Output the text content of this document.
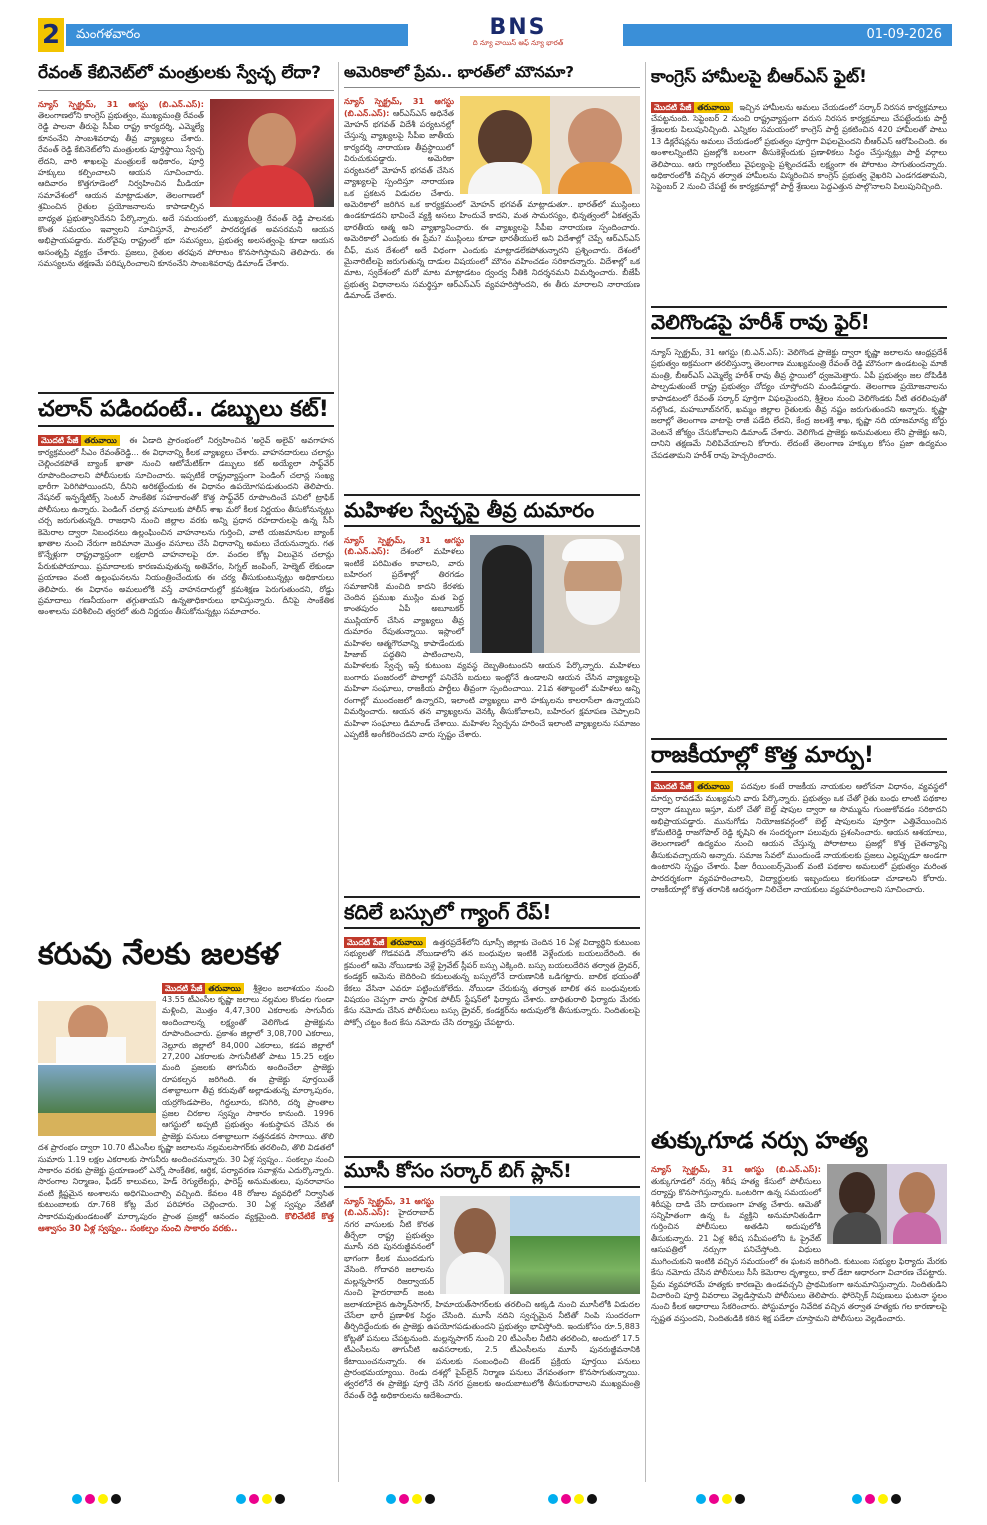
2	మంగళవారం	BNS
ది న్యూ వాయిస్ ఆఫ్ న్యూ భారత్
01-09-2026
రేవంత్ కేబినెట్‌లో మంత్రులకు స్వేచ్ఛ లేదా?
న్యూస్ స్పెక్ట్రమ్, 31 ఆగస్టు (బి.ఎన్.ఎస్): తెలంగాణలోని కాంగ్రెస్ ప్రభుత్వం, ముఖ్యమంత్రి రేవంత్ రెడ్డి పాలనా తీరుపై సీపీఐ రాష్ట్ర కార్యదర్శి, ఎమ్మెల్యే కూనంనేని సాంబశివరావు తీవ్ర వ్యాఖ్యలు చేశారు. రేవంత్ రెడ్డి కేబినెట్‌లోని మంత్రులకు పూర్తిస్థాయి స్వేచ్ఛ లేదని, వారి శాఖలపై మంత్రులకే అధికారం, పూర్తి హక్కులు కల్పించాలని ఆయన సూచించారు. ఆదివారం కొత్తగూడెంలో నిర్వహించిన మీడియా సమావేశంలో ఆయన మాట్లాడుతూ, తెలంగాణలో శ్రమించిన రైతుల ప్రయోజనాలను కాపాడాల్సిన బాధ్యత ప్రభుత్వానిదేనని పేర్కొన్నారు. అదే సమయంలో, ముఖ్యమంత్రి రేవంత్ రెడ్డి పాలనకు కొంత సమయం ఇవ్వాలని సూచిస్తూనే, పాలనలో పారదర్శకత అవసరమని ఆయన అభిప్రాయపడ్డారు. మరోవైపు రాష్ట్రంలో భూ సమస్యలు, ప్రభుత్వ అలసత్వంపై కూడా ఆయన అసంతృప్తి వ్యక్తం చేశారు. ప్రజలు, రైతుల తరఫున పోరాటం కొనసాగిస్తామని తెలిపారు. ఈ సమస్యలను తక్షణమే పరిష్కరించాలని కూనంనేని సాంబశివరావు డిమాండ్ చేశారు.
చలాన్ పడిందంటే.. డబ్బులు కట్!
మొదటి పేజీ తరువాయి ఈ ఏడాది ప్రారంభంలో నిర్వహించిన 'అరైవ్ అలైవ్' అవగాహన కార్యక్రమంలో సీఎం రేవంత్‌రెడ్డి... ఈ విధానాన్ని కీలక వ్యాఖ్యలు చేశారు. వాహనదారులు చలాన్లు చెల్లించకపోతే బ్యాంక్ ఖాతా నుంచి ఆటోమేటిక్‌గా డబ్బులు కట్ అయ్యేలా సాఫ్ట్‌వేర్ రూపొందించాలని పోలీసులకు సూచించారు. ఇప్పటికే రాష్ట్రవ్యాప్తంగా పెండింగ్ చలాన్ల సంఖ్య భారీగా పెరిగిపోయిందని, దీనిని అరికట్టేందుకు ఈ విధానం ఉపయోగపడుతుందని తెలిపారు. నేషనల్ ఇన్ఫర్మేటిక్స్ సెంటర్ సాంకేతిక సహకారంతో కొత్త సాఫ్ట్‌వేర్ రూపొందించే పనిలో ట్రాఫిక్ పోలీసులు ఉన్నారు. పెండింగ్ చలాన్ల వసూలుకు పోలీస్ శాఖ మరో కీలక నిర్ణయం తీసుకోనున్నట్లు చర్చ జరుగుతున్నది. రాజధాని నుంచి జిల్లాల వరకు అన్ని ప్రధాన రహదారులపై ఉన్న సీసీ కెమెరాల ద్వారా నిబంధనలు ఉల్లంఘించిన వాహనాలను గుర్తించి, వాటి యజమానుల బ్యాంక్ ఖాతాల నుంచి నేరుగా జరిమానా మొత్తం వసూలు చేసే విధానాన్ని అమలు చేయనున్నారు. గత కొన్నేళ్లుగా రాష్ట్రవ్యాప్తంగా లక్షలాది వాహనాలపై రూ. వందల కోట్ల విలువైన చలాన్లు పేరుకుపోయాయి. ప్రమాదాలకు కారణమవుతున్న అతివేగం, సిగ్నల్ జంపింగ్, హెల్మెట్ లేకుండా ప్రయాణం వంటి ఉల్లంఘనలను నియంత్రించేందుకు ఈ చర్య తీసుకుంటున్నట్లు అధికారులు తెలిపారు. ఈ విధానం అమలులోకి వస్తే వాహనదారుల్లో క్రమశిక్షణ పెరుగుతుందని, రోడ్డు ప్రమాదాలు గణనీయంగా తగ్గుతాయని ఉన్నతాధికారులు భావిస్తున్నారు. దీనిపై సాంకేతిక అంశాలను పరిశీలించి త్వరలో తుది నిర్ణయం తీసుకోనున్నట్లు సమాచారం.
కరువు నేలకు జలకళ
మొదటి పేజీ తరువాయి శ్రీశైలం జలాశయం నుంచి 43.55 టీఎంసీల కృష్ణా జలాలు నల్లమల కొండల గుండా మళ్లించి, మొత్తం 4,47,300 ఎకరాలకు సాగునీరు అందించాలన్న లక్ష్యంతో వెలిగొండ ప్రాజెక్టును రూపొందించారు. ప్రకాశం జిల్లాలో 3,08,700 ఎకరాలు, నెల్లూరు జిల్లాలో 84,000 ఎకరాలు, కడప జిల్లాలో 27,200 ఎకరాలకు సాగునీటితో పాటు 15.25 లక్షల మంది ప్రజలకు తాగునీరు అందించేలా ప్రాజెక్టు రూపకల్పన జరిగింది. ఈ ప్రాజెక్టు పూర్తయితే దశాబ్దాలుగా తీవ్ర కరువుతో అల్లాడుతున్న మార్కాపురం, యర్రగొండపాలెం, గిద్దలూరు, కనిగిరి, దర్శి ప్రాంతాల ప్రజల చిరకాల స్వప్నం సాకారం కానుంది. 1996 ఆగస్టులో అప్పటి ప్రభుత్వం శంకుస్థాపన చేసిన ఈ ప్రాజెక్టు పనులు దశాబ్దాలుగా నత్తనడకన సాగాయి. తొలి దశ ప్రారంభం ద్వారా 10.70 టీఎంసీల కృష్ణా జలాలను నల్లమలసాగర్‌కు తరలించి, తొలి విడతలో సుమారు 1.19 లక్షల ఎకరాలకు సాగునీరు అందించనున్నారు. 30 ఏళ్ల స్వప్నం.. సంకల్పం నుంచి సాకారం వరకు ప్రాజెక్టు ప్రయాణంలో ఎన్నో సాంకేతిక, ఆర్థిక, పర్యావరణ సవాళ్లను ఎదుర్కొన్నారు. సొరంగాల నిర్మాణం, ఫీడర్ కాలువలు, హెడ్ రెగ్యులేటర్లు, ఫారెస్ట్ అనుమతులు, పునరావాసం వంటి క్లిష్టమైన అంశాలను అధిగమించాల్సి వచ్చింది. కేవలం 48 రోజుల వ్యవధిలో నిర్వాసిత కుటుంబాలకు రూ.768 కోట్ల మేర పరిహారం చెల్లించారు. 30 ఏళ్ల స్వప్నం నేటితో సాకారమవుతుండటంతో మార్కాపురం ప్రాంత ప్రజల్లో ఆనందం వ్యక్తమైంది. కొలిచేటికే కొత్త ఆశ్వాసం 30 ఏళ్ల స్వప్నం.. సంకల్పం నుంచి సాకారం వరకు..
అమెరికాలో ప్రేమ.. భారత్‌లో మౌనమా?
న్యూస్ స్పెక్ట్రమ్, 31 ఆగస్టు (బి.ఎన్.ఎస్): ఆర్ఎస్ఎస్ అధినేత మోహన్ భగవత్ విదేశీ పర్యటనల్లో చేస్తున్న వ్యాఖ్యలపై సీపీఐ జాతీయ కార్యదర్శి నారాయణ తీవ్రస్థాయిలో విరుచుకుపడ్డారు. అమెరికా పర్యటనలో మోహన్ భగవత్ చేసిన వ్యాఖ్యలపై స్పందిస్తూ నారాయణ ఒక ప్రకటన విడుదల చేశారు. అమెరికాలో జరిగిన ఒక కార్యక్రమంలో మోహన్ భగవత్ మాట్లాడుతూ.. భారత్‌లో ముస్లింలు ఉండకూడదని భావించే వ్యక్తి అసలు హిందువే కాదని, మత సామరస్యం, భిన్నత్వంలో ఏకత్వమే భారతీయ ఆత్మ అని వ్యాఖ్యానించారు. ఈ వ్యాఖ్యలపై సీపీఐ నారాయణ స్పందించారు. అమెరికాలో ఎందుకు ఈ ప్రేమ? ముస్లింలు కూడా భారతీయులే అని విదేశాల్లో చెప్పే ఆర్ఎస్ఎస్ చీఫ్, మన దేశంలో అదే విధంగా ఎందుకు మాట్లాడలేకపోతున్నారని ప్రశ్నించారు. దేశంలో మైనారిటీలపై జరుగుతున్న దాడుల విషయంలో మౌనం వహించడం సరికాదన్నారు. విదేశాల్లో ఒక మాట, స్వదేశంలో మరో మాట మాట్లాడటం ద్వంద్వ నీతికి నిదర్శనమని విమర్శించారు. బీజేపీ ప్రభుత్వ విధానాలను సమర్థిస్తూ ఆర్ఎస్ఎస్ వ్యవహరిస్తోందని, ఈ తీరు మారాలని నారాయణ డిమాండ్ చేశారు.
మహిళల స్వేచ్ఛపై తీవ్ర దుమారం
న్యూస్ స్పెక్ట్రమ్, 31 ఆగస్టు (బి.ఎన్.ఎస్): దేశంలో మహిళలు ఇంటికే పరిమితం కావాలని, వారు బహిరంగ ప్రదేశాల్లో తిరగడం సమాజానికి మంచిది కాదని కేరళకు చెందిన ప్రముఖ ముస్లిం మత పెద్ద కాంతపురం ఏపీ అబూబకర్ ముస్లియార్ చేసిన వ్యాఖ్యలు తీవ్ర దుమారం రేపుతున్నాయి. ఇస్లాంలో మహిళల ఆత్మగౌరవాన్ని కాపాడేందుకు హిజాబ్ పద్ధతిని పాటించాలని, మహిళలకు స్వేచ్ఛ ఇస్తే కుటుంబ వ్యవస్థ దెబ్బతింటుందని ఆయన పేర్కొన్నారు. మహిళలు బంగారు పంజరంలో పొలాల్లో పనిచేసే బదులు ఇంట్లోనే ఉండాలని ఆయన చేసిన వ్యాఖ్యలపై మహిళా సంఘాలు, రాజకీయ పార్టీలు తీవ్రంగా స్పందించాయి. 21వ శతాబ్దంలో మహిళలు అన్ని రంగాల్లో ముందంజలో ఉన్నారని, ఇలాంటి వ్యాఖ్యలు వారి హక్కులను కాలరాసేలా ఉన్నాయని విమర్శించారు. ఆయన తన వ్యాఖ్యలను వెనక్కి తీసుకోవాలని, బహిరంగ క్షమాపణ చెప్పాలని మహిళా సంఘాలు డిమాండ్ చేశాయి. మహిళల స్వేచ్ఛను హరించే ఇలాంటి వ్యాఖ్యలను సమాజం ఎప్పటికీ అంగీకరించదని వారు స్పష్టం చేశారు.
కదిలే బస్సులో గ్యాంగ్ రేప్!
మొదటి పేజీ తరువాయి ఉత్తరప్రదేశ్‌లోని ఝాన్సీ జిల్లాకు చెందిన 16 ఏళ్ల విద్యార్థిని కుటుంబ సభ్యులతో గొడవపడి నోయిడాలోని తన బంధువుల ఇంటికి వెళ్లేందుకు బయలుదేరింది. ఈ క్రమంలో ఆమె నోయిడాకు వెళ్లే ప్రైవేట్ స్లీపర్ బస్సు ఎక్కింది. బస్సు బయలుదేరిన తర్వాత డ్రైవర్, కండక్టర్ ఆమెను బెదిరించి కదులుతున్న బస్సులోనే దారుణానికి ఒడిగట్టారు. బాలిక భయంతో కేకలు వేసినా ఎవరూ పట్టించుకోలేదు. నోయిడా చేరుకున్న తర్వాత బాలిక తన బంధువులకు విషయం చెప్పగా వారు స్థానిక పోలీస్ స్టేషన్‌లో ఫిర్యాదు చేశారు. బాధితురాలి ఫిర్యాదు మేరకు కేసు నమోదు చేసిన పోలీసులు బస్సు డ్రైవర్, కండక్టర్‌ను అదుపులోకి తీసుకున్నారు. నిందితులపై పోక్సో చట్టం కింద కేసు నమోదు చేసి దర్యాప్తు చేపట్టారు.
మూసీ కోసం సర్కార్ బిగ్ ప్లాన్!
న్యూస్ స్పెక్ట్రమ్, 31 ఆగస్టు (బి.ఎన్.ఎస్): హైదరాబాద్ నగర వాసులకు నీటి కొరత తీర్చేలా రాష్ట్ర ప్రభుత్వం మూసీ నది పునరుజ్జీవనంలో భాగంగా కీలక ముందడుగు వేసింది. గోదావరి జలాలను మల్లన్నసాగర్ రిజర్వాయర్ నుంచి హైదరాబాద్ జంట జలాశయాలైన ఉస్మాన్‌సాగర్, హిమాయత్‌సాగర్‌లకు తరలించి అక్కడి నుంచి మూసీలోకి విడుదల చేసేలా భారీ ప్రణాళిక సిద్ధం చేసింది. మూసీ నదిని స్వచ్ఛమైన నీటితో నింపి సుందరంగా తీర్చిదిద్దేందుకు ఈ ప్రాజెక్టు ఉపయోగపడుతుందని ప్రభుత్వం భావిస్తోంది. ఇందుకోసం రూ.5,883 కోట్లతో పనులు చేపట్టనుంది. మల్లన్నసాగర్ నుంచి 20 టీఎంసీల నీటిని తరలించి, అందులో 17.5 టీఎంసీలను తాగునీటి అవసరాలకు, 2.5 టీఎంసీలను మూసీ పునరుజ్జీవనానికి కేటాయించనున్నారు. ఈ పనులకు సంబంధించి టెండర్ ప్రక్రియ పూర్తయి పనులు ప్రారంభమయ్యాయి. రెండు దశల్లో పైప్‌లైన్ నిర్మాణ పనులు వేగవంతంగా కొనసాగుతున్నాయి. త్వరలోనే ఈ ప్రాజెక్టు పూర్తి చేసి నగర ప్రజలకు అందుబాటులోకి తీసుకురావాలని ముఖ్యమంత్రి రేవంత్ రెడ్డి అధికారులను ఆదేశించారు.
కాంగ్రెస్ హామీలపై బీఆర్ఎస్ ఫైట్!
మొదటి పేజీ తరువాయి ఇచ్చిన హామీలను అమలు చేయడంలో సర్కార్ నిరసన కార్యక్రమాలు చేపట్టనుంది. సెప్టెంబర్ 2 నుంచి రాష్ట్రవ్యాప్తంగా వరుస నిరసన కార్యక్రమాలు చేపట్టేందుకు పార్టీ శ్రేణులకు పిలుపునిచ్చింది. ఎన్నికల సమయంలో కాంగ్రెస్ పార్టీ ప్రకటించిన 420 హామీలతో పాటు 13 డిక్లరేషన్లను అమలు చేయడంలో ప్రభుత్వం పూర్తిగా విఫలమైందని బీఆర్ఎస్ ఆరోపించింది. ఈ అంశాలన్నింటిని ప్రజల్లోకి బలంగా తీసుకెళ్లేందుకు ప్రణాళికలు సిద్ధం చేస్తున్నట్లు పార్టీ వర్గాలు తెలిపాయి. ఆరు గ్యారంటీలు వైఫల్యంపై ప్రశ్నించడమే లక్ష్యంగా ఈ పోరాటం సాగుతుందన్నారు. అధికారంలోకి వచ్చిన తర్వాత హామీలను విస్మరించిన కాంగ్రెస్ ప్రభుత్వ వైఖరిని ఎండగడతామని, సెప్టెంబర్ 2 నుంచి చేపట్టే ఈ కార్యక్రమాల్లో పార్టీ శ్రేణులు పెద్దఎత్తున పాల్గొనాలని పిలుపునిచ్చింది.
వెలిగొండపై హరీశ్ రావు ఫైర్!
న్యూస్ స్పెక్ట్రమ్, 31 ఆగస్టు (బి.ఎన్.ఎస్): వెలిగొండ ప్రాజెక్టు ద్వారా కృష్ణా జలాలను ఆంధ్రప్రదేశ్ ప్రభుత్వం అక్రమంగా తరలిస్తున్నా తెలంగాణ ముఖ్యమంత్రి రేవంత్ రెడ్డి మౌనంగా ఉండటంపై మాజీ మంత్రి, బీఆర్ఎస్ ఎమ్మెల్యే హరీశ్ రావు తీవ్ర స్థాయిలో ధ్వజమెత్తారు. ఏపీ ప్రభుత్వం జల దోపిడీకి పాల్పడుతుంటే రాష్ట్ర ప్రభుత్వం చోద్యం చూస్తోందని మండిపడ్డారు. తెలంగాణ ప్రయోజనాలను కాపాడటంలో రేవంత్ సర్కార్ పూర్తిగా విఫలమైందని, శ్రీశైలం నుంచి వెలిగొండకు నీటి తరలింపుతో నల్గొండ, మహబూబ్‌నగర్, ఖమ్మం జిల్లాల రైతులకు తీవ్ర నష్టం జరుగుతుందని అన్నారు. కృష్ణా జలాల్లో తెలంగాణ వాటాపై రాజీ పడేది లేదని, కేంద్ర జలశక్తి శాఖ, కృష్ణా నది యాజమాన్య బోర్డు వెంటనే జోక్యం చేసుకోవాలని డిమాండ్ చేశారు. వెలిగొండ ప్రాజెక్టు అనుమతులు లేని ప్రాజెక్టు అని, దానిని తక్షణమే నిలిపివేయాలని కోరారు. లేదంటే తెలంగాణ హక్కుల కోసం ప్రజా ఉద్యమం చేపడతామని హరీశ్ రావు హెచ్చరించారు.
రాజకీయాల్లో కొత్త మార్పు!
మొదటి పేజీ తరువాయి పదవుల కంటే రాజకీయ నాయకుల ఆలోచనా విధానం, వ్యవస్థలో మార్పు రావడమే ముఖ్యమని వారు పేర్కొన్నారు. ప్రభుత్వం ఒక చేతో రైతు బంధు లాంటి పథకాల ద్వారా డబ్బులు ఇస్తూ, మరో చేతో బెల్ట్ షాపుల ద్వారా ఆ సొమ్మును గుంజుకోవడం సరికాదని అభిప్రాయపడ్డారు. మునుగోడు నియోజకవర్గంలో బెల్ట్ షాపులను పూర్తిగా ఎత్తివేయించిన కోమటిరెడ్డి రాజగోపాల్ రెడ్డి కృషిని ఈ సందర్భంగా పలువురు ప్రశంసించారు. ఆయన ఆశయాలు, తెలంగాణలో ఉద్యమం నుంచి ఆయన చేస్తున్న పోరాటాలు ప్రజల్లో కొత్త చైతన్యాన్ని తీసుకువచ్చాయని అన్నారు. సమాజ సేవలో ముందుండే నాయకులకు ప్రజలు ఎల్లప్పుడూ అండగా ఉంటారని స్పష్టం చేశారు. ఫీజు రీయింబర్స్‌మెంట్ వంటి పథకాల అమలులో ప్రభుత్వం మరింత పారదర్శకంగా వ్యవహరించాలని, విద్యార్థులకు ఇబ్బందులు కలగకుండా చూడాలని కోరారు. రాజకీయాల్లో కొత్త తరానికి ఆదర్శంగా నిలిచేలా నాయకులు వ్యవహరించాలని సూచించారు.
తుక్కుగూడ నర్సు హత్య
న్యూస్ స్పెక్ట్రమ్, 31 ఆగస్టు (బి.ఎన్.ఎస్): తుక్కుగూడలో నర్సు శిరీష హత్య కేసులో పోలీసులు దర్యాప్తు కొనసాగిస్తున్నారు. ఒంటరిగా ఉన్న సమయంలో శిరీషపై దాడి చేసి దారుణంగా హత్య చేశారు. ఆమెతో సన్నిహితంగా ఉన్న ఓ వ్యక్తిని అనుమానితుడిగా గుర్తించిన పోలీసులు అతడిని అదుపులోకి తీసుకున్నారు. 21 ఏళ్ల శిరీష సమీపంలోని ఓ ప్రైవేట్ ఆసుపత్రిలో నర్సుగా పనిచేస్తోంది. విధులు ముగించుకుని ఇంటికి వచ్చిన సమయంలో ఈ ఘటన జరిగింది. కుటుంబ సభ్యుల ఫిర్యాదు మేరకు కేసు నమోదు చేసిన పోలీసులు సీసీ కెమెరాల దృశ్యాలు, కాల్ డేటా ఆధారంగా విచారణ చేపట్టారు. ప్రేమ వ్యవహారమే హత్యకు కారణమై ఉండవచ్చని ప్రాథమికంగా అనుమానిస్తున్నారు. నిందితుడిని విచారించి పూర్తి వివరాలు వెల్లడిస్తామని పోలీసులు తెలిపారు. ఫోరెన్సిక్ నిపుణులు ఘటనా స్థలం నుంచి కీలక ఆధారాలు సేకరించారు. పోస్టుమార్టం నివేదిక వచ్చిన తర్వాత హత్యకు గల కారణాలపై స్పష్టత వస్తుందని, నిందితుడికి కఠిన శిక్ష పడేలా చూస్తామని పోలీసులు వెల్లడించారు.
